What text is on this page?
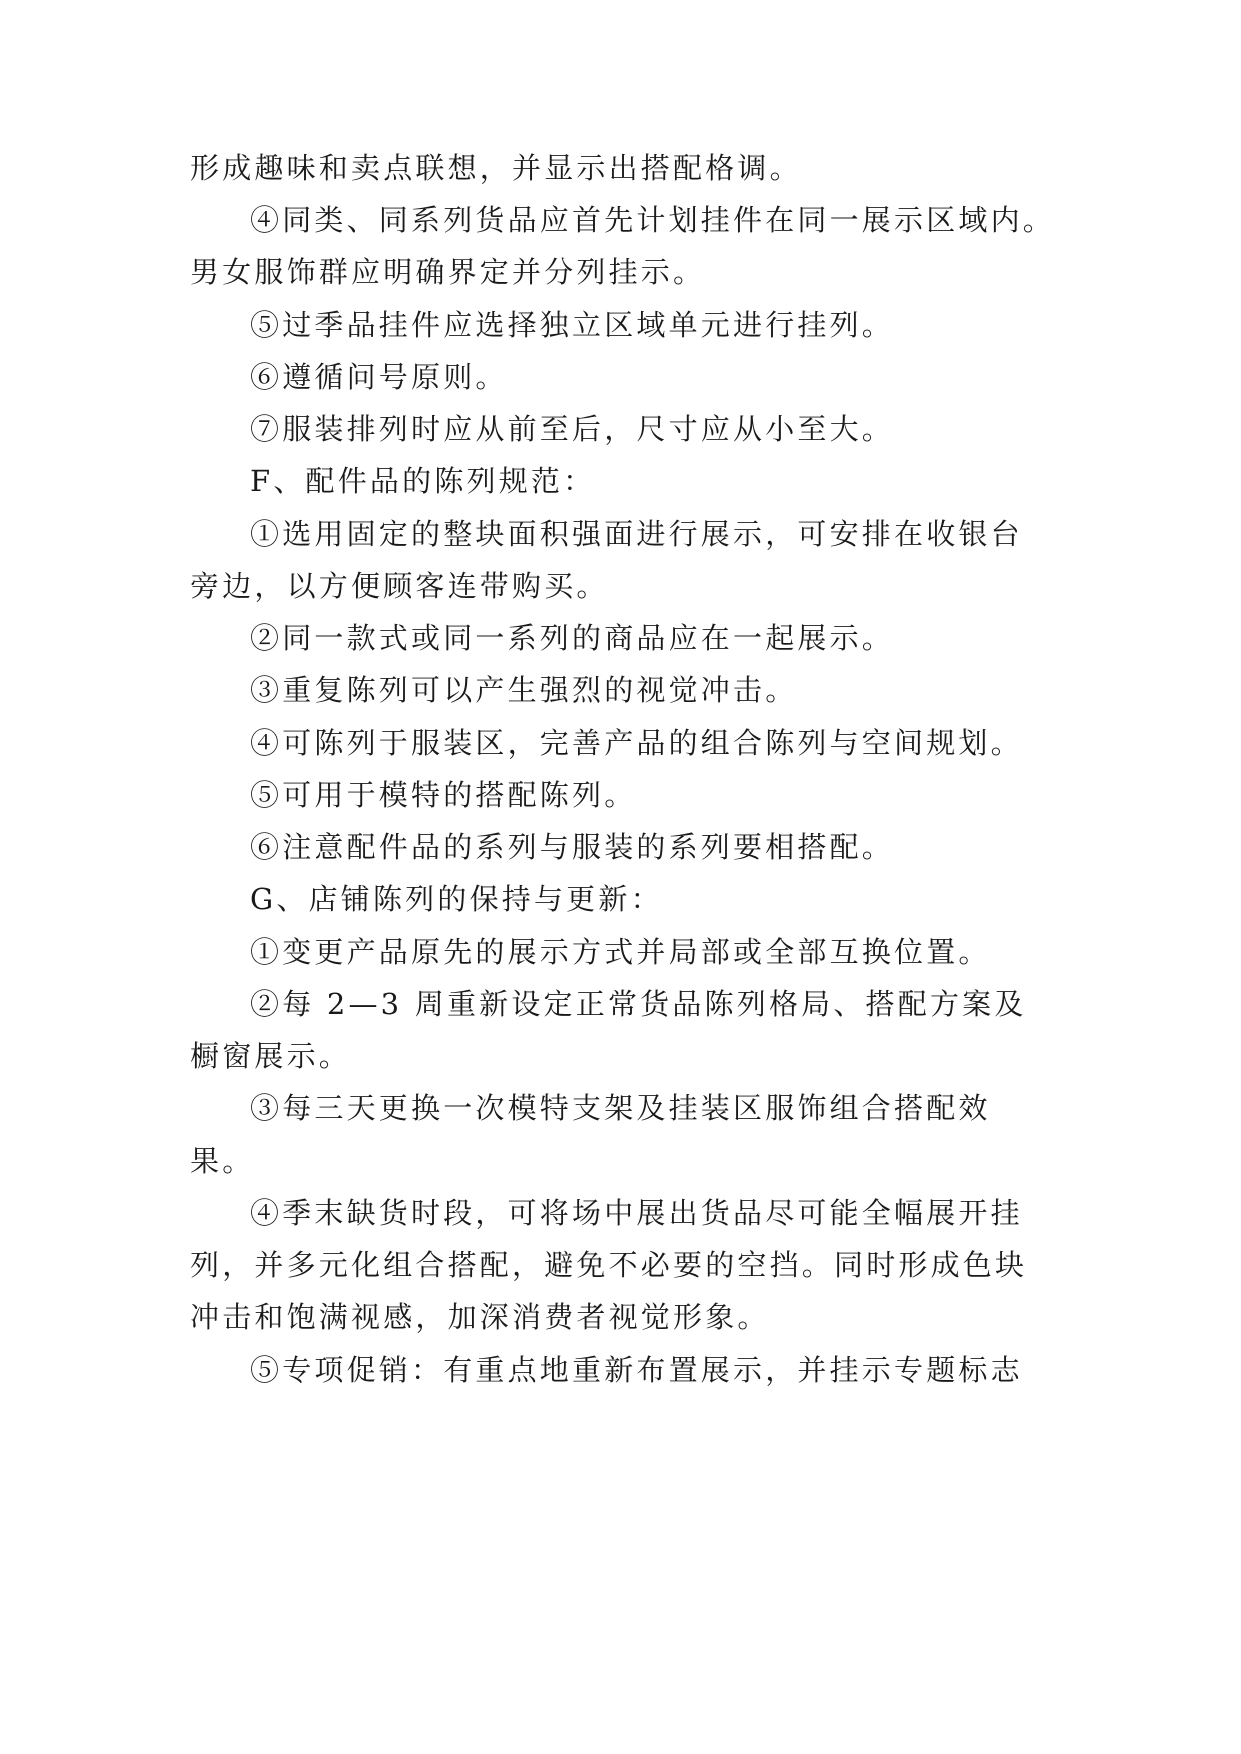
形成趣味和卖点联想，并显示出搭配格调。
④同类、同系列货品应首先计划挂件在同一展示区域内。
男女服饰群应明确界定并分列挂示。
⑤过季品挂件应选择独立区域单元进行挂列。
⑥遵循问号原则。
⑦服装排列时应从前至后，尺寸应从小至大。
F、配件品的陈列规范：
①选用固定的整块面积强面进行展示，可安排在收银台
旁边，以方便顾客连带购买。
②同一款式或同一系列的商品应在一起展示。
③重复陈列可以产生强烈的视觉冲击。
④可陈列于服装区，完善产品的组合陈列与空间规划。
⑤可用于模特的搭配陈列。
⑥注意配件品的系列与服装的系列要相搭配。
G、店铺陈列的保持与更新：
①变更产品原先的展示方式并局部或全部互换位置。
②每 2—3 周重新设定正常货品陈列格局、搭配方案及
橱窗展示。
③每三天更换一次模特支架及挂装区服饰组合搭配效
果。
④季末缺货时段，可将场中展出货品尽可能全幅展开挂
列，并多元化组合搭配，避免不必要的空挡。同时形成色块
冲击和饱满视感，加深消费者视觉形象。
⑤专项促销：有重点地重新布置展示，并挂示专题标志
